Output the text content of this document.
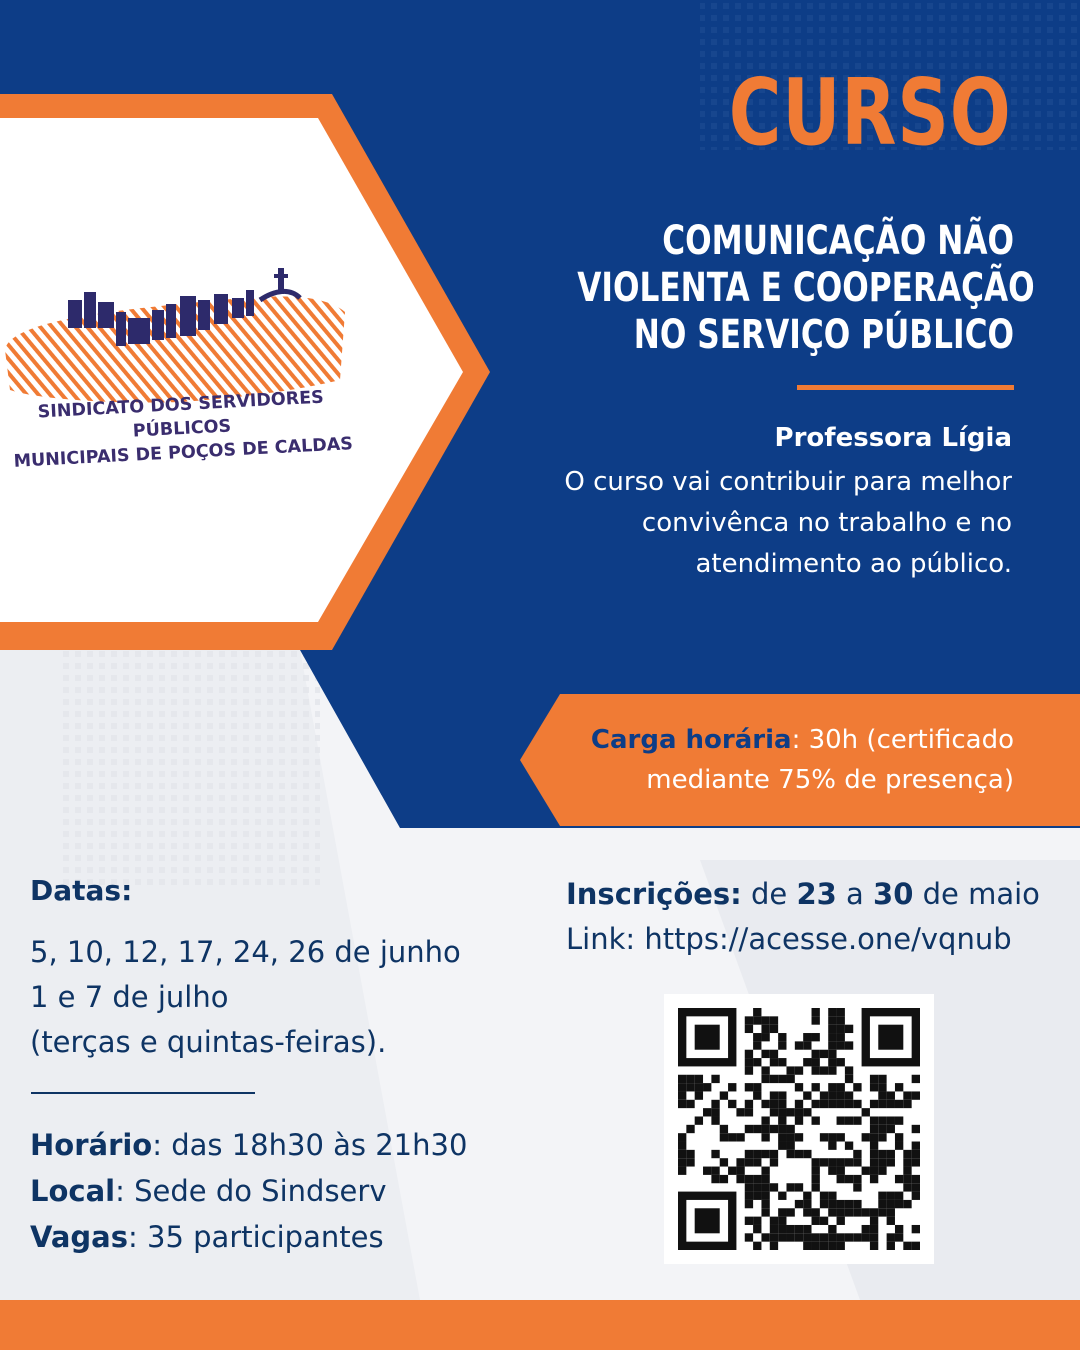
SINDICATO DOS SERVIDORES PÚBLICOS
MUNICIPAIS DE POÇOS DE CALDAS
CURSO
COMUNICAÇÃO NÃO
VIOLENTA E COOPERAÇÃO
NO SERVIÇO PÚBLICO
Professora Lígia
O curso vai contribuir para melhor
convivênca no trabalho e no
atendimento ao público.
Carga horária: 30h (certificado
mediante 75% de presença)
Datas:
5, 10, 12, 17, 24, 26 de junho
1 e 7 de julho
(terças e quintas-feiras).
Horário: das 18h30 às 21h30
Local: Sede do Sindserv
Vagas: 35 participantes
Inscrições: de 23 a 30 de maio
Link: https://acesse.one/vqnub
